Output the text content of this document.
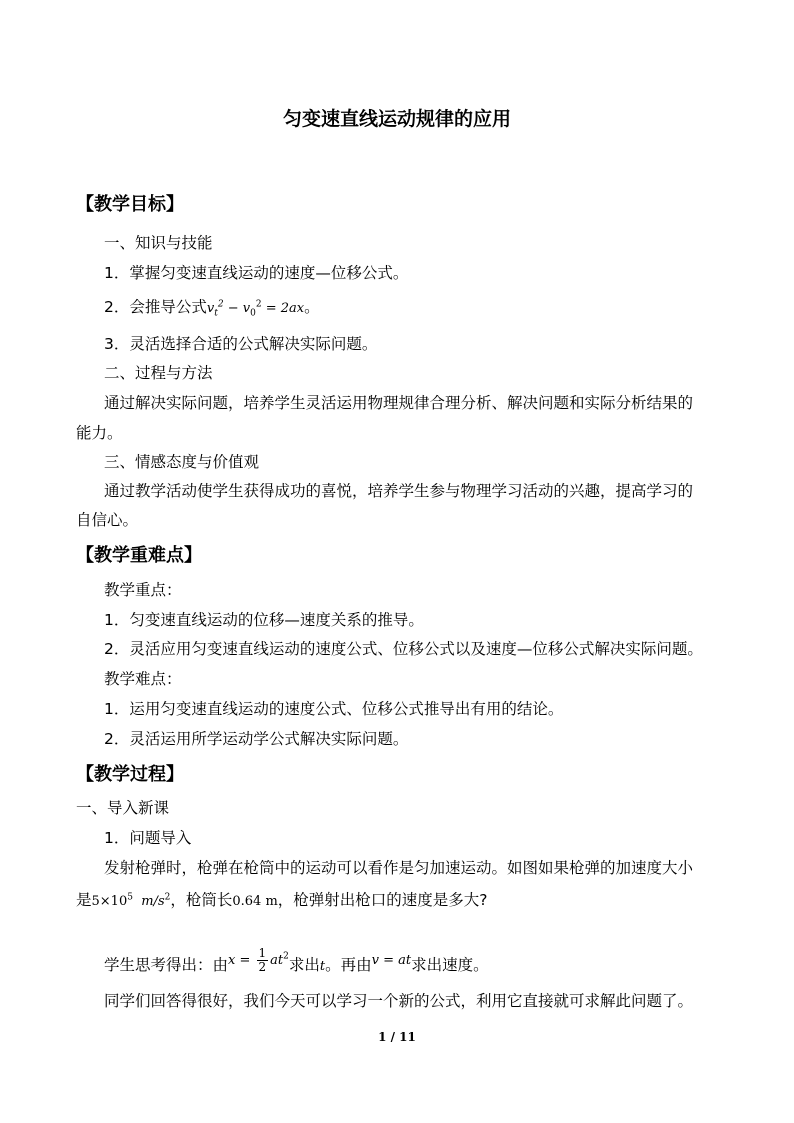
匀变速直线运动规律的应用
【教学目标】
一、知识与技能
1．掌握匀变速直线运动的速度—位移公式。
2．会推导公式$v_t^2 - v_0^2 = 2ax$。
3．灵活选择合适的公式解决实际问题。
二、过程与方法
通过解决实际问题，培养学生灵活运用物理规律合理分析、解决问题和实际分析结果的
能力。
三、情感态度与价值观
通过教学活动使学生获得成功的喜悦，培养学生参与物理学习活动的兴趣，提高学习的
自信心。
【教学重难点】
教学重点：
1．匀变速直线运动的位移—速度关系的推导。
2．灵活应用匀变速直线运动的速度公式、位移公式以及速度—位移公式解决实际问题。
教学难点：
1．运用匀变速直线运动的速度公式、位移公式推导出有用的结论。
2．灵活运用所学运动学公式解决实际问题。
【教学过程】
一、导入新课
1．问题导入
发射枪弹时，枪弹在枪筒中的运动可以看作是匀加速运动。如图如果枪弹的加速度大小
是$5\times 10^5$ $m/s^2$，枪筒长0.64 m，枪弹射出枪口的速度是多大?
学生思考得出：由$^{x = \frac{1}{2} at^2}$求出t。再由$^{v = at}$求出速度。
同学们回答得很好，我们今天可以学习一个新的公式，利用它直接就可求解此问题了。
1 / 11
